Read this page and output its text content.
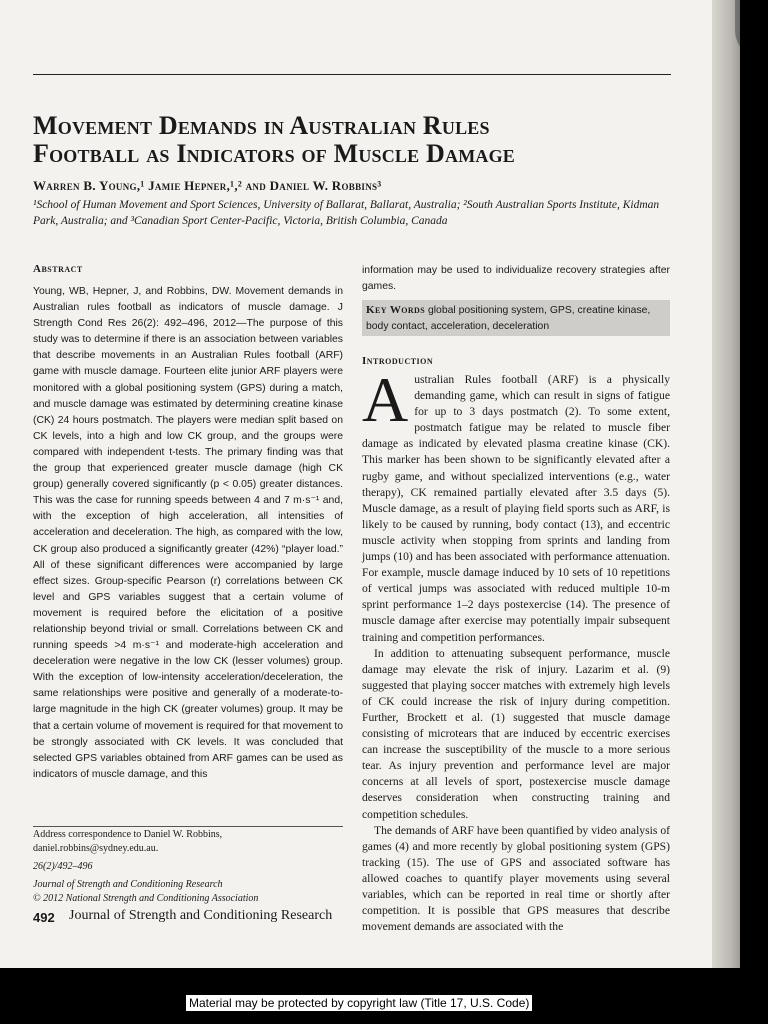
Movement Demands in Australian Rules
Football as Indicators of Muscle Damage
Warren B. Young,¹ Jamie Hepner,¹,² and Daniel W. Robbins³
¹School of Human Movement and Sport Sciences, University of Ballarat, Ballarat, Australia; ²South Australian Sports Institute, Kidman Park, Australia; and ³Canadian Sport Center-Pacific, Victoria, British Columbia, Canada
Abstract
Young, WB, Hepner, J, and Robbins, DW. Movement demands in Australian rules football as indicators of muscle damage. J Strength Cond Res 26(2): 492–496, 2012—The purpose of this study was to determine if there is an association between variables that describe movements in an Australian Rules football (ARF) game with muscle damage. Fourteen elite junior ARF players were monitored with a global positioning system (GPS) during a match, and muscle damage was estimated by determining creatine kinase (CK) 24 hours postmatch. The players were median split based on CK levels, into a high and low CK group, and the groups were compared with independent t-tests. The primary finding was that the group that experienced greater muscle damage (high CK group) generally covered significantly (p < 0.05) greater distances. This was the case for running speeds between 4 and 7 m·s⁻¹ and, with the exception of high acceleration, all intensities of acceleration and deceleration. The high, as compared with the low, CK group also produced a significantly greater (42%) “player load.” All of these significant differences were accompanied by large effect sizes. Group-specific Pearson (r) correlations between CK level and GPS variables suggest that a certain volume of movement is required before the elicitation of a positive relationship beyond trivial or small. Correlations between CK and running speeds >4 m·s⁻¹ and moderate-high acceleration and deceleration were negative in the low CK (lesser volumes) group. With the exception of low-intensity acceleration/deceleration, the same relationships were positive and generally of a moderate-to-large magnitude in the high CK (greater volumes) group. It may be that a certain volume of movement is required for that movement to be strongly associated with CK levels. It was concluded that selected GPS variables obtained from ARF games can be used as indicators of muscle damage, and this
information may be used to individualize recovery strategies after games.
Key Words global positioning system, GPS, creatine kinase, body contact, acceleration, deceleration
Introduction

Australian Rules football (ARF) is a physically demanding game, which can result in signs of fatigue for up to 3 days postmatch (2). To some extent, postmatch fatigue may be related to muscle fiber damage as indicated by elevated plasma creatine kinase (CK). This marker has been shown to be significantly elevated after a rugby game, and without specialized interventions (e.g., water therapy), CK remained partially elevated after 3.5 days (5). Muscle damage, as a result of playing field sports such as ARF, is likely to be caused by running, body contact (13), and eccentric muscle activity when stopping from sprints and landing from jumps (10) and has been associated with performance attenuation. For example, muscle damage induced by 10 sets of 10 repetitions of vertical jumps was associated with reduced multiple 10-m sprint performance 1–2 days postexercise (14). The presence of muscle damage after exercise may potentially impair subsequent training and competition performances.

In addition to attenuating subsequent performance, muscle damage may elevate the risk of injury. Lazarim et al. (9) suggested that playing soccer matches with extremely high levels of CK could increase the risk of injury during competition. Further, Brockett et al. (1) suggested that muscle damage consisting of microtears that are induced by eccentric exercises can increase the susceptibility of the muscle to a more serious tear. As injury prevention and performance level are major concerns at all levels of sport, postexercise muscle damage deserves consideration when constructing training and competition schedules.

The demands of ARF have been quantified by video analysis of games (4) and more recently by global positioning system (GPS) tracking (15). The use of GPS and associated software has allowed coaches to quantify player movements using several variables, which can be reported in real time or shortly after competition. It is possible that GPS measures that describe movement demands are associated with the

Address correspondence to Daniel W. Robbins, daniel.robbins@sydney.edu.au.
26(2)/492–496
Journal of Strength and Conditioning Research
© 2012 National Strength and Conditioning Association
492 Journal of Strength and Conditioning Research
Material may be protected by copyright law (Title 17, U.S. Code)
